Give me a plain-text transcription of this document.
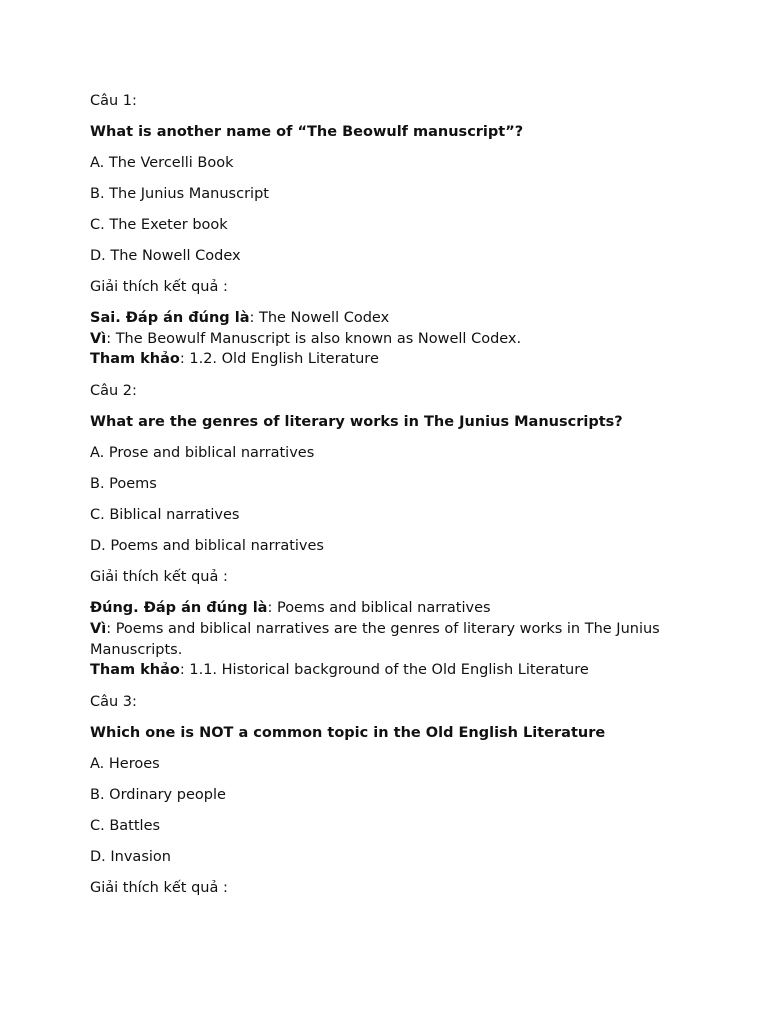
Câu 1:
What is another name of “The Beowulf manuscript”?
A. The Vercelli Book
B. The Junius Manuscript
C. The Exeter book
D. The Nowell Codex
Giải thích kết quả :
Sai. Đáp án đúng là: The Nowell Codex
Vì: The Beowulf Manuscript is also known as Nowell Codex.
Tham khảo: 1.2. Old English Literature
Câu 2:
What are the genres of literary works in The Junius Manuscripts?
A. Prose and biblical narratives
B. Poems
C. Biblical narratives
D. Poems and biblical narratives
Giải thích kết quả :
Đúng. Đáp án đúng là: Poems and biblical narratives
Vì: Poems and biblical narratives are the genres of literary works in The Junius Manuscripts.
Tham khảo: 1.1. Historical background of the Old English Literature
Câu 3:
Which one is NOT a common topic in the Old English Literature
A. Heroes
B. Ordinary people
C. Battles
D. Invasion
Giải thích kết quả :
